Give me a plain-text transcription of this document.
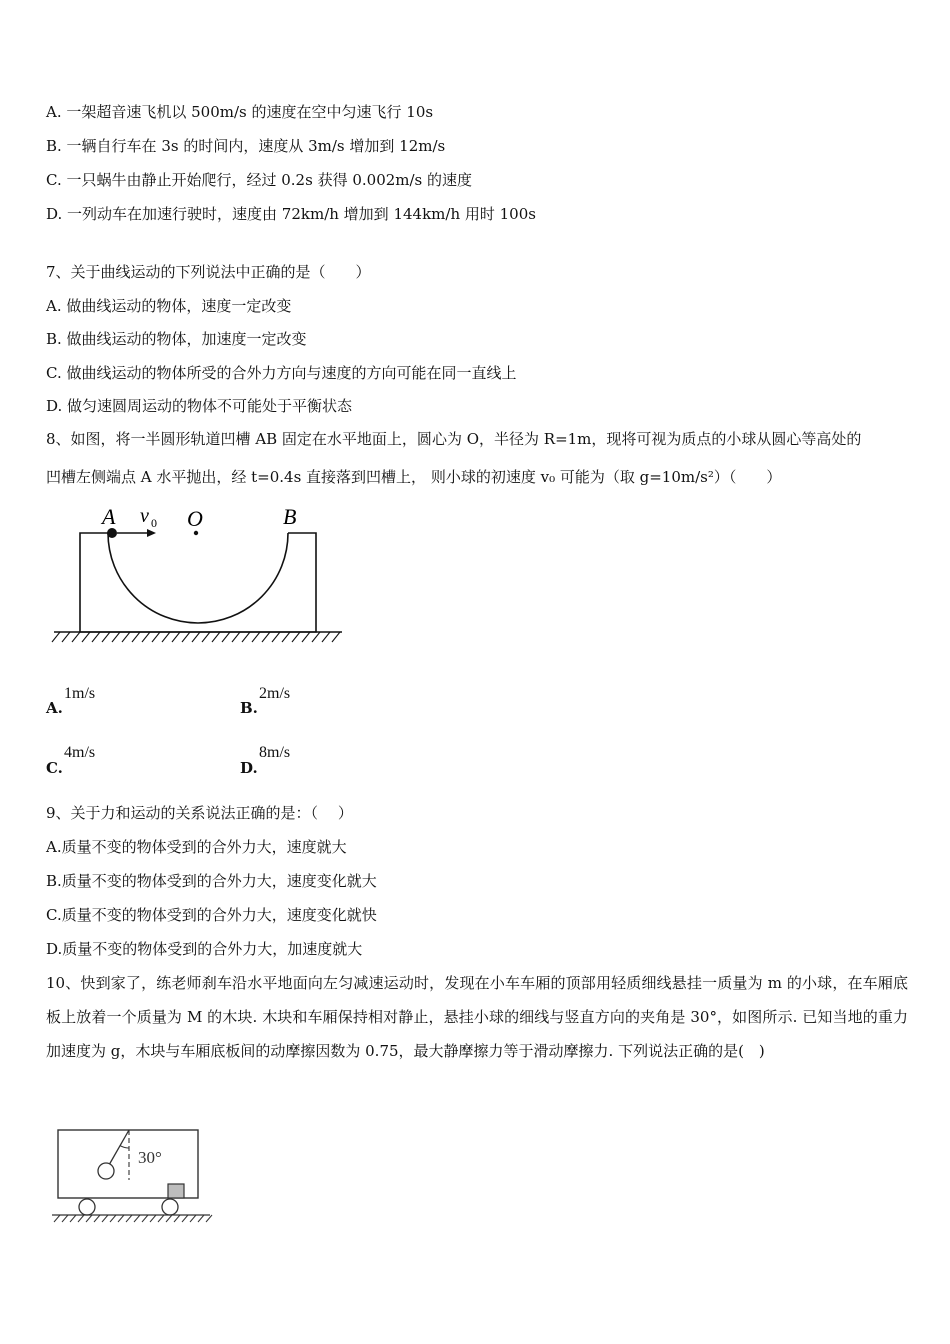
A. 一架超音速飞机以 500m/s 的速度在空中匀速飞行 10s
B. 一辆自行车在 3s 的时间内，速度从 3m/s 增加到 12m/s
C. 一只蜗牛由静止开始爬行，经过 0.2s 获得 0.002m/s 的速度
D. 一列动车在加速行驶时，速度由 72km/h 增加到 144km/h 用时 100s
7、关于曲线运动的下列说法中正确的是（　　）
A. 做曲线运动的物体，速度一定改变
B. 做曲线运动的物体，加速度一定改变
C. 做曲线运动的物体所受的合外力方向与速度的方向可能在同一直线上
D. 做匀速圆周运动的物体不可能处于平衡状态
8、如图，将一半圆形轨道凹槽 AB 固定在水平地面上，圆心为 O，半径为 R=1m，现将可视为质点的小球从圆心等高处的
凹槽左侧端点 A 水平抛出，经 t=0.4s 直接落到凹槽上， 则小球的初速度 v₀ 可能为（取 g=10m/s²）（　　）
A v 0 O	B
A.
1m/s
B.
2m/s
C.
4m/s
D.
8m/s
9、关于力和运动的关系说法正确的是：（　 ）
A.质量不变的物体受到的合外力大，速度就大
B.质量不变的物体受到的合外力大，速度变化就大
C.质量不变的物体受到的合外力大，速度变化就快
D.质量不变的物体受到的合外力大，加速度就大
10、快到家了，练老师刹车沿水平地面向左匀减速运动时，发现在小车车厢的顶部用轻质细线悬挂一质量为 m 的小球，在车厢底板上放着一个质量为 M 的木块. 木块和车厢保持相对静止，悬挂小球的细线与竖直方向的夹角是 30°，如图所示. 已知当地的重力加速度为 g，木块与车厢底板间的动摩擦因数为 0.75，最大静摩擦力等于滑动摩擦力. 下列说法正确的是(　)
30°
